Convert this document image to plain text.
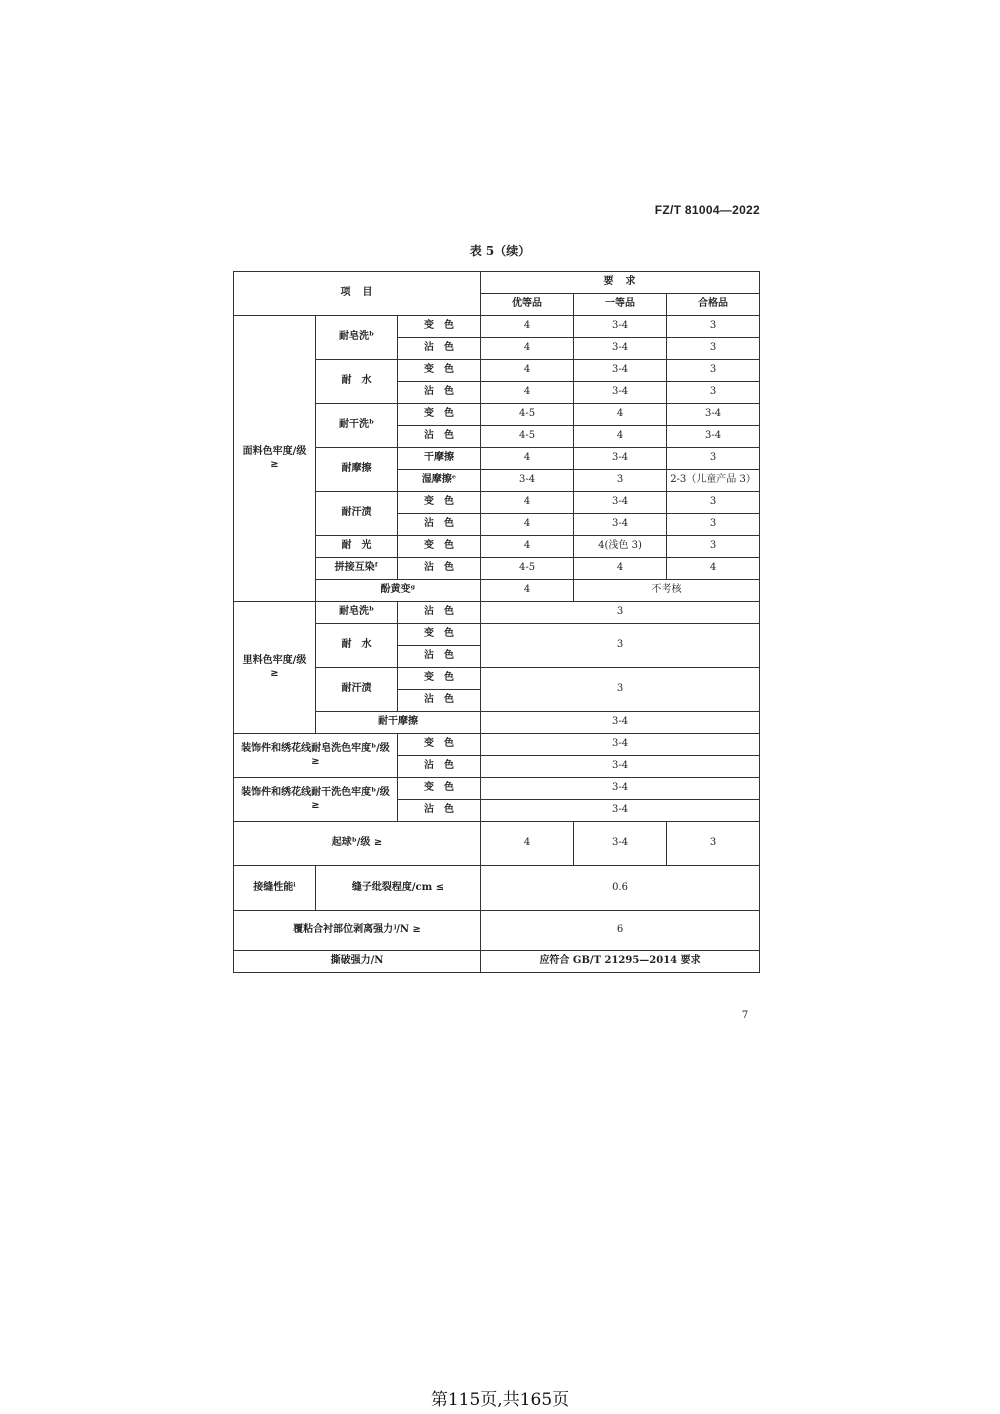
FZ/T 81004—2022
表 5（续）
项　目			要　求		
			优等品	一等品	合格品
面料色牢度/级 ≥	耐皂洗ᵇ	变　色	4	3-4	3
		沾　色	4	3-4	3
	耐　水	变　色	4	3-4	3
		沾　色	4	3-4	3
	耐干洗ᵇ	变　色	4-5	4	3-4
		沾　色	4-5	4	3-4
	耐摩擦	干摩擦	4	3-4	3
		湿摩擦ᵉ	3-4	3	2-3（儿童产品 3）
	耐汗渍	变　色	4	3-4	3
		沾　色	4	3-4	3
	耐　光	变　色	4	4(浅色 3)	3
	拼接互染ᶠ	沾　色	4-5	4	4
	酚黄变ᵍ		4	不考核	
里料色牢度/级 ≥	耐皂洗ᵇ	沾　色	3		
	耐　水	变　色	3		
		沾　色			
	耐汗渍	变　色	3		
		沾　色			
	耐干摩擦		3-4		
装饰件和绣花线耐皂洗色牢度ᵇ/级 ≥		变　色	3-4		
		沾　色	3-4		
装饰件和绣花线耐干洗色牢度ᵇ/级 ≥		变　色	3-4		
		沾　色	3-4		
起球ᵇ/级 ≥			4	3-4	3
接缝性能ⁱ	缝子纰裂程度/cm ≤		0.6		
覆粘合衬部位剥离强力ʲ/N ≥			6		
撕破强力/N			应符合 GB/T 21295—2014 要求		
7
第115页,共165页
